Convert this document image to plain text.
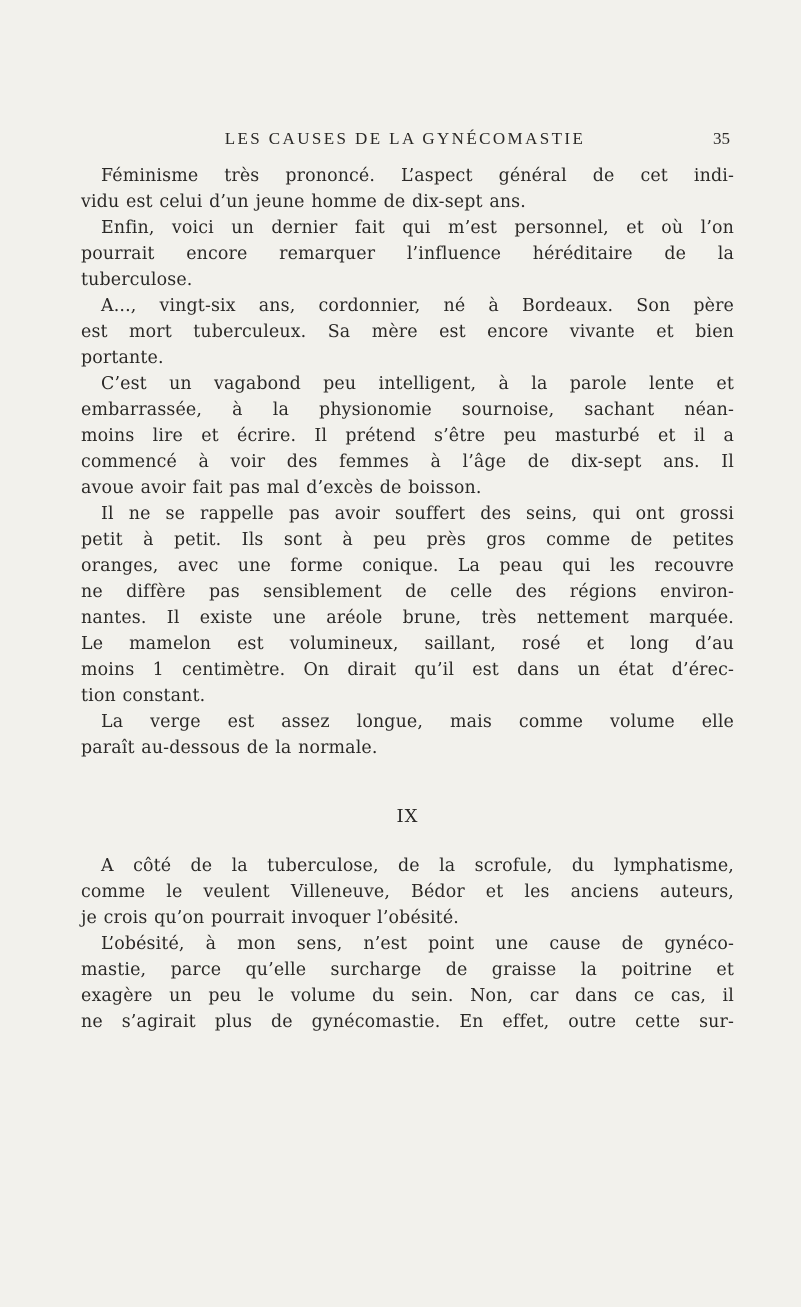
LES CAUSES DE LA GYNÉCOMASTIE	35
Féminisme très prononcé. L’aspect général de cet indi-
vidu est celui d’un jeune homme de dix-sept ans.
Enfin, voici un dernier fait qui m’est personnel, et où l’on
pourrait encore remarquer l’influence héréditaire de la
tuberculose.
A..., vingt-six ans, cordonnier, né à Bordeaux. Son père
est mort tuberculeux. Sa mère est encore vivante et bien
portante.
C’est un vagabond peu intelligent, à la parole lente et
embarrassée, à la physionomie sournoise, sachant néan-
moins lire et écrire. Il prétend s’être peu masturbé et il a
commencé à voir des femmes à l’âge de dix-sept ans. Il
avoue avoir fait pas mal d’excès de boisson.
Il ne se rappelle pas avoir souffert des seins, qui ont grossi
petit à petit. Ils sont à peu près gros comme de petites
oranges, avec une forme conique. La peau qui les recouvre
ne diffère pas sensiblement de celle des régions environ-
nantes. Il existe une aréole brune, très nettement marquée.
Le mamelon est volumineux, saillant, rosé et long d’au
moins 1 centimètre. On dirait qu’il est dans un état d’érec-
tion constant.
La verge est assez longue, mais comme volume elle
paraît au-dessous de la normale.
IX
A côté de la tuberculose, de la scrofule, du lymphatisme,
comme le veulent Villeneuve, Bédor et les anciens auteurs,
je crois qu’on pourrait invoquer l’obésité.
L’obésité, à mon sens, n’est point une cause de gynéco-
mastie, parce qu’elle surcharge de graisse la poitrine et
exagère un peu le volume du sein. Non, car dans ce cas, il
ne s’agirait plus de gynécomastie. En effet, outre cette sur-
